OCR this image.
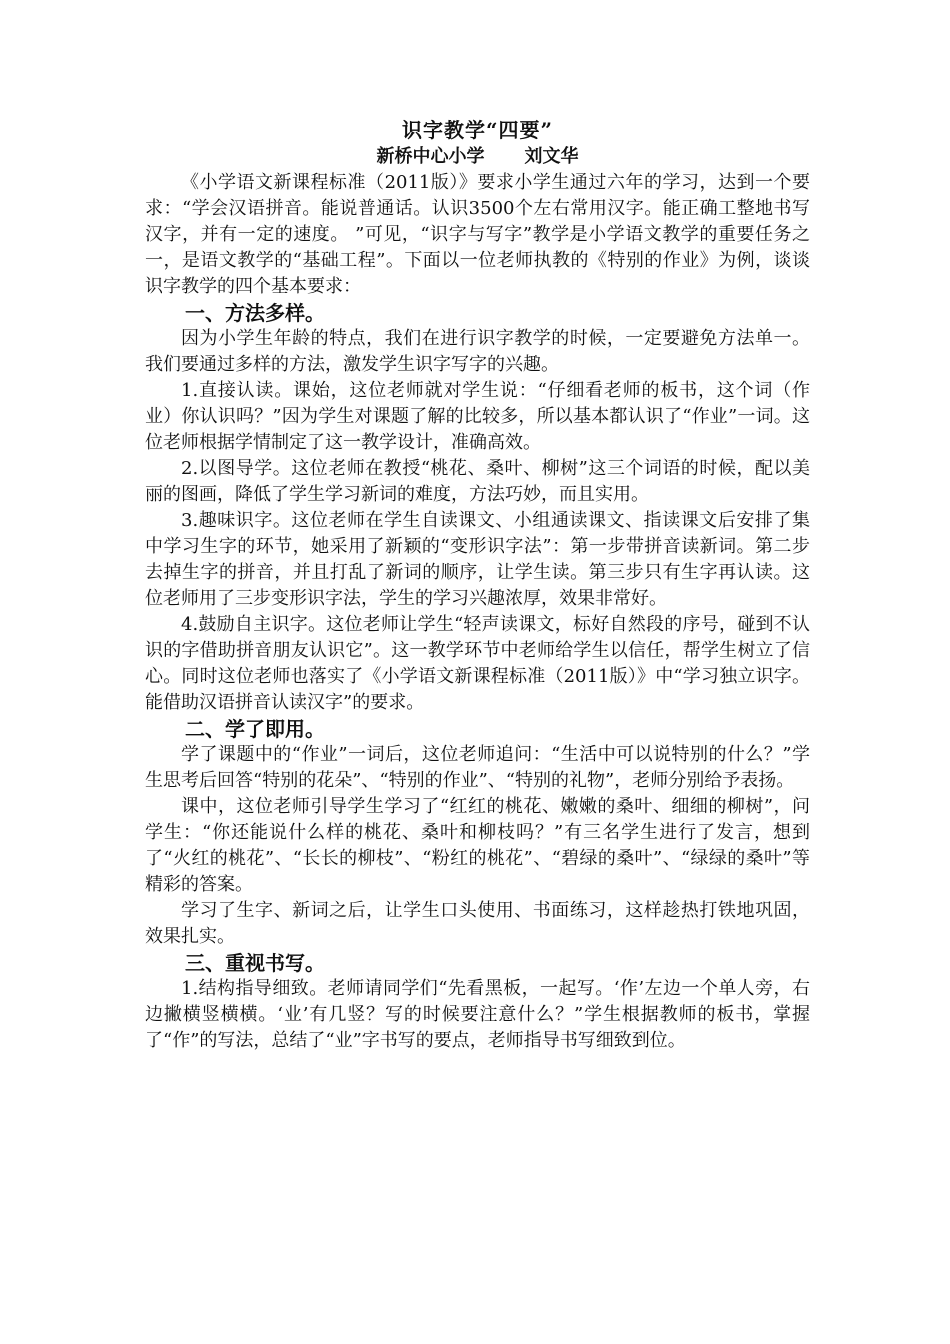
识字教学“四要”
新桥中心小学 刘文华

《小学语文新课程标准（2011版）》要求小学生通过六年的学习，达到一个要求：“学会汉语拼音。能说普通话。认识3500个左右常用汉字。能正确工整地书写汉字，并有一定的速度。 ”可见，“识字与写字”教学是小学语文教学的重要任务之一，是语文教学的“基础工程”。下面以一位老师执教的《特别的作业》为例，谈谈识字教学的四个基本要求：

一、方法多样。

因为小学生年龄的特点，我们在进行识字教学的时候，一定要避免方法单一。我们要通过多样的方法，激发学生识字写字的兴趣。

1.直接认读。课始，这位老师就对学生说：“仔细看老师的板书，这个词（作业）你认识吗？”因为学生对课题了解的比较多，所以基本都认识了“作业”一词。这位老师根据学情制定了这一教学设计，准确高效。

2.以图导学。这位老师在教授“桃花、桑叶、柳树”这三个词语的时候，配以美丽的图画，降低了学生学习新词的难度，方法巧妙，而且实用。

3.趣味识字。这位老师在学生自读课文、小组通读课文、指读课文后安排了集中学习生字的环节，她采用了新颖的“变形识字法”：第一步带拼音读新词。第二步去掉生字的拼音，并且打乱了新词的顺序，让学生读。第三步只有生字再认读。这位老师用了三步变形识字法，学生的学习兴趣浓厚，效果非常好。

4.鼓励自主识字。这位老师让学生“轻声读课文，标好自然段的序号，碰到不认识的字借助拼音朋友认识它”。这一教学环节中老师给学生以信任，帮学生树立了信心。同时这位老师也落实了《小学语文新课程标准（2011版）》中“学习独立识字。能借助汉语拼音认读汉字”的要求。

二、学了即用。

学了课题中的“作业”一词后，这位老师追问：“生活中可以说特别的什么？”学生思考后回答“特别的花朵”、“特别的作业”、“特别的礼物”，老师分别给予表扬。

课中，这位老师引导学生学习了“红红的桃花、嫩嫩的桑叶、细细的柳树”，问学生：“你还能说什么样的桃花、桑叶和柳枝吗？”有三名学生进行了发言，想到了“火红的桃花”、“长长的柳枝”、“粉红的桃花”、“碧绿的桑叶”、“绿绿的桑叶”等精彩的答案。

学习了生字、新词之后，让学生口头使用、书面练习，这样趁热打铁地巩固，效果扎实。

三、重视书写。

1.结构指导细致。老师请同学们“先看黑板，一起写。‘作’左边一个单人旁，右边撇横竖横横。‘业’有几竖？写的时候要注意什么？”学生根据教师的板书，掌握了“作”的写法，总结了“业”字书写的要点，老师指导书写细致到位。
